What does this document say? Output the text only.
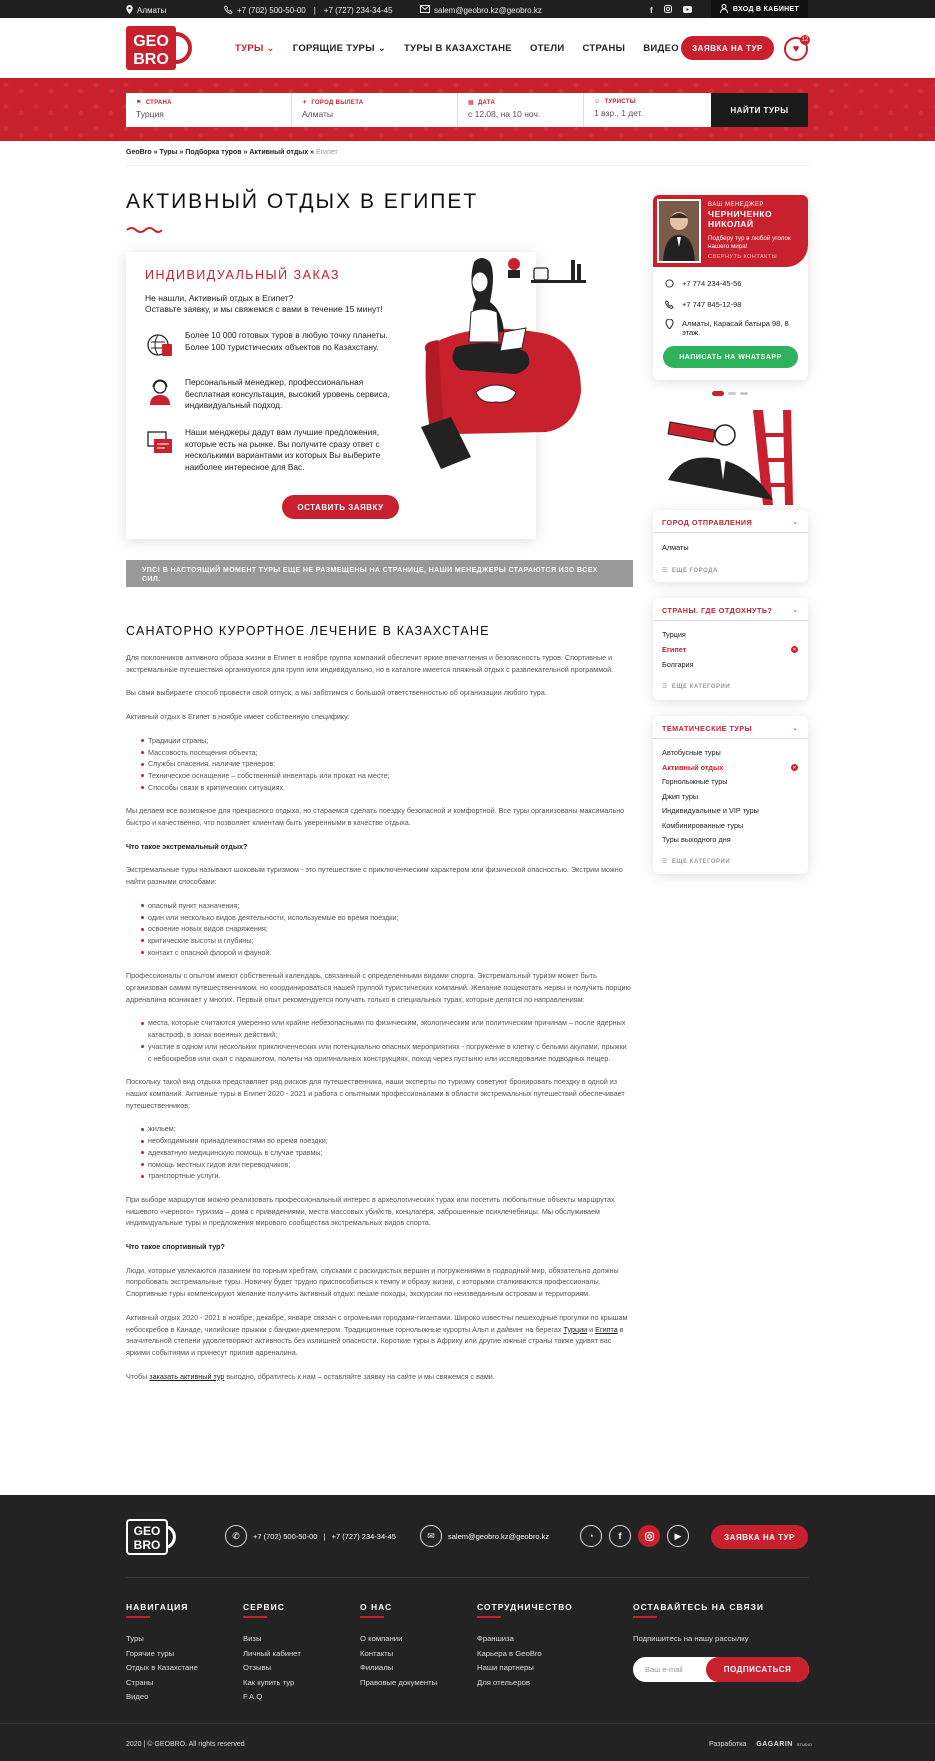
Алматы	+7 (702) 500-50-00 | +7 (727) 234-34-45	salem@geobro.kz@geobro.kz	f	ВХОД В КАБИНЕТ
GEO
BRO
ТУРЫ ⌄ ГОРЯЩИЕ ТУРЫ ⌄ ТУРЫ В КАЗАХСТАНЕ ОТЕЛИ СТРАНЫ ВИДЕО	ЗАЯВКА НА ТУР	♥
12
⚑ СТРАНА
Турция
✈ ГОРОД ВЫЛЕТА
Алматы
▦ ДАТА
с 12.08, на 10 ноч.
☺ ТУРИСТЫ
1 взр., 1 дет.	НАЙТИ ТУРЫ
GeoBro » Туры » Подборка туров » Активный отдых » Египет
АКТИВНЫЙ ОТДЫХ В ЕГИПЕТ
ИНДИВИДУАЛЬНЫЙ ЗАКАЗ
Не нашли, Активный отдых в Египет?
Оставьте заявку, и мы свяжемся с вами в течение 15 минут!
Более 10 000 готовых туров в любую точку планеты. Более 100 туристических объектов по Казахстану.
Персональный менеджер, профессиональная бесплатная консультация, высокий уровень сервиса, индивидуальный подход.
Наши менджеры дадут вам лучшие предложения, которые есть на рынке. Вы получите сразу ответ с несколькими вариантами из которых Вы выберите наиболее интересное для Вас.
ОСТАВИТЬ ЗАЯВКУ
УПС! В НАСТОЯЩИЙ МОМЕНТ ТУРЫ ЕЩЕ НЕ РАЗМЕЩЕНЫ НА СТРАНИЦЕ, НАШИ МЕНЕДЖЕРЫ СТАРАЮТСЯ ИЗО ВСЕХ СИЛ.
САНАТОРНО КУРОРТНОЕ ЛЕЧЕНИЕ В КАЗАХСТАНЕ

Для поклонников активного образа жизни в Египет в ноябре группа компаний обеспечит яркие впечатления и безопасность туров. Спортивные и экстремальные путешествия организуются для групп или индивидуально, но в каталоге имеется пляжный отдых с развлекательной программой.

Вы сами выбираете способ провести свой отпуск, а мы заботимся с большой ответственностью об организации любого тура.

Активный отдых в Египет в ноябре имеет собственную специфику:

Традиции страны;
Массовость посещения объекта;
Службы спасения, наличие тренеров;
Техническое оснащение – собственный инвентарь или прокат на месте;
Способы связи в критических ситуациях.

Мы делаем все возможное для прекрасного отдыха, но стараемся сделать поездку безопасной и комфортной. Все туры организованы максимально быстро и качественно, что позволяет клиентам быть уверенными в качестве отдыха.

Что такое экстремальный отдых?

Экстремальные туры называют шоковым туризмом - это путешествие с приключенческим характером или физической опасностью. Экстрим можно найти разными способами:

опасный пункт назначения;
один или несколько видов деятельности, используемые во время поездки;
освоение новых видов снаряжения;
критические высоты и глубины;
контакт с опасной флорой и фауной.

Профессионалы с опытом имеют собственный календарь, связанный с определенными видами спорта. Экстремальный туризм может быть организован самим путешественником, но координироваться нашей группой туристических компаний. Желание пощекотать нервы и получить порцию адреналина возникает у многих. Первый опыт рекомендуется получать только в специальных турах, которые делятся по направлениям:

места, которые считаются умеренно или крайне небезопасными по физическим, экологическим или политическим причинам – после ядерных катастроф, в зонах военных действий;
участие в одном или нескольких приключенческих или потенциально опасных мероприятиях - погружение в клетку с белыми акулами, прыжки с небоскребов или скал с парашютом, полеты на оригинальных конструкциях, поход через пустыню или исследование подводных пещер.

Поскольку такой вид отдыха представляет ряд рисков для путешественника, наши эксперты по туризму советуют бронировать поездку в одной из наших компаний. Активные туры в Египет 2020 - 2021 и работа с опытными профессионалами в области экстремальных путешествий обеспечивает путешественников:

жильем;
необходимыми принадлежностями во время поездки;
адекватную медицинскую помощь в случае травмы;
помощь местных гидов или переводчиков;
транспортные услуги.

При выборе маршрутов можно реализовать профессиональный интерес в археологических турах или посетить любопытные объекты маршрутах нишевого «черного» туризма – дома с привидениями, места массовых убийств, концлагеря, заброшенные психлечебницы. Мы обслуживаем индивидуальные туры и предложения мирового сообщества экстремальных видов спорта.

Что такое спортивный тур?

Люди, которые увлекаются лазанием по горным хребтам, спусками с раскидистых вершин и погружениями в подводный мир, обязательно должны попробовать экстремальные туры. Новичку будет трудно приспособиться к темпу и образу жизни, с которыми сталкиваются профессионалы. Спортивные туры компенсируют желание получить активный отдых: пешие походы, экскурсии по неизведанным островам и территориям.

Активный отдых 2020 - 2021 в ноябре, декабре, январе связан с огромными городами-гигантами. Широко известны пешеходные прогулки по крышам небоскребов в Канаде, чилийские прыжки с банджи-джемпером. Традиционные горнолыжные курорты Альп и дайвинг на берегах Турции и Египта в значительной степени удовлетворяют активность без излишней опасности. Короткие туры в Африку или другие южные страны также удивят вас яркими событиями и принесут прилив адреналина.

Чтобы заказать активный тур выгодно, обратитесь к нам – оставляйте заявку на сайте и мы свяжемся с вами.

ВАШ МЕНЕДЖЕР
ЧЕРНИЧЕНКО
НИКОЛАЙ
Подберу тур в любой уголок нашего мира!
СВЕРНУТЬ КОНТАКТЫ
+7 774 234-45-56
+7 747 845-12-98
Алматы, Карасай батыра 98, 8 этаж.
НАПИСАТЬ НА WHATSAPP
ГОРОД ОТПРАВЛЕНИЯ	⌄
Алматы
☰ ЕЩЕ ГОРОДА
СТРАНЫ. ГДЕ ОТДОХНУТЬ?	⌄
Турция
Египет	✕
Болгария
☰ ЕЩЕ КАТЕГОРИИ
ТЕМАТИЧЕСКИЕ ТУРЫ	⌄
Автобусные туры
Активный отдых	✕
Горнолыжные туры
Джип туры
Индивидуальные и VIP туры
Комбинированные туры
Туры выходного дня
☰ ЕЩЕ КАТЕГОРИИ
GEO
BRO
✆	+7 (702) 500-50-00 | +7 (727) 234-34-45	✉	salem@geobro.kz@geobro.kz	◔	f	▶	ЗАЯВКА НА ТУР
НАВИГАЦИЯ
Туры
Горячие туры
Отдых в Казахстане
Страны
Видео
СЕРВИС
Визы
Личный кабинет
Отзывы
Как купить тур
F.A.Q
О НАС
О компании
Контакты
Филиалы
Правовые документы
СОТРУДНИЧЕСТВО
Франшиза
Карьера в GeoBro
Наши партнеры
Для отельеров
ОСТАВАЙТЕСЬ НА СВЯЗИ
Подпишитесь на нашу рассылку
Ваш e-mail	ПОДПИСАТЬСЯ
2020 | © GEOBRO. All rights reserved	Разработка GAGARIN STUDIO
